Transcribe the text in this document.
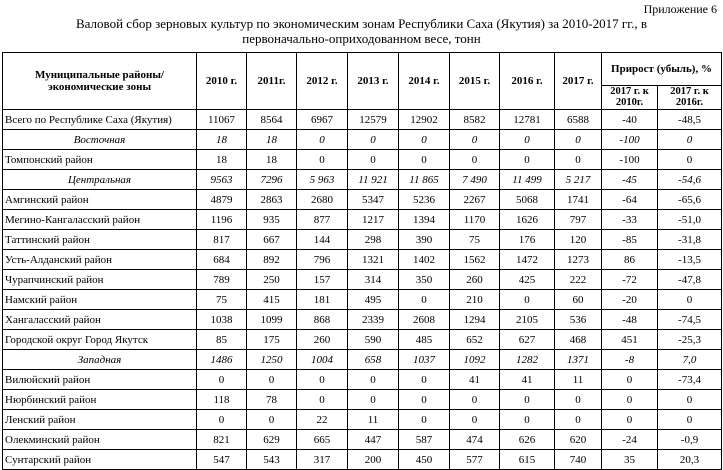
Приложение 6
Валовой сбор зерновых культур по экономическим зонам Республики Саха (Якутия) за 2010-2017 гг., в
первоначально-оприходованном весе, тонн
Муниципальные районы/экономические зоны	2010 г.	2011г.	2012 г.	2013 г.	2014 г.	2015 г.	2016 г.	2017 г.	Прирост (убыль), %	
									2017 г. к 2010г.	2017 г. к 2016г.
Всего по Республике Саха (Якутия)	11067	8564	6967	12579	12902	8582	12781	6588	-40	-48,5
Восточная	18	18	0	0	0	0	0	0	-100	0
Томпонский район	18	18	0	0	0	0	0	0	-100	0
Центральная	9563	7296	5 963	11 921	11 865	7 490	11 499	5 217	-45	-54,6
Амгинский район	4879	2863	2680	5347	5236	2267	5068	1741	-64	-65,6
Мегино-Кангаласский район	1196	935	877	1217	1394	1170	1626	797	-33	-51,0
Таттинский район	817	667	144	298	390	75	176	120	-85	-31,8
Усть-Алданский район	684	892	796	1321	1402	1562	1472	1273	86	-13,5
Чурапчинский район	789	250	157	314	350	260	425	222	-72	-47,8
Намский район	75	415	181	495	0	210	0	60	-20	0
Хангаласский район	1038	1099	868	2339	2608	1294	2105	536	-48	-74,5
Городской округ Город Якутск	85	175	260	590	485	652	627	468	451	-25,3
Западная	1486	1250	1004	658	1037	1092	1282	1371	-8	7,0
Вилюйский район	0	0	0	0	0	41	41	11	0	-73,4
Нюрбинский район	118	78	0	0	0	0	0	0	0	0
Ленский район	0	0	22	11	0	0	0	0	0	0
Олекминский район	821	629	665	447	587	474	626	620	-24	-0,9
Сунтарский район	547	543	317	200	450	577	615	740	35	20,3
